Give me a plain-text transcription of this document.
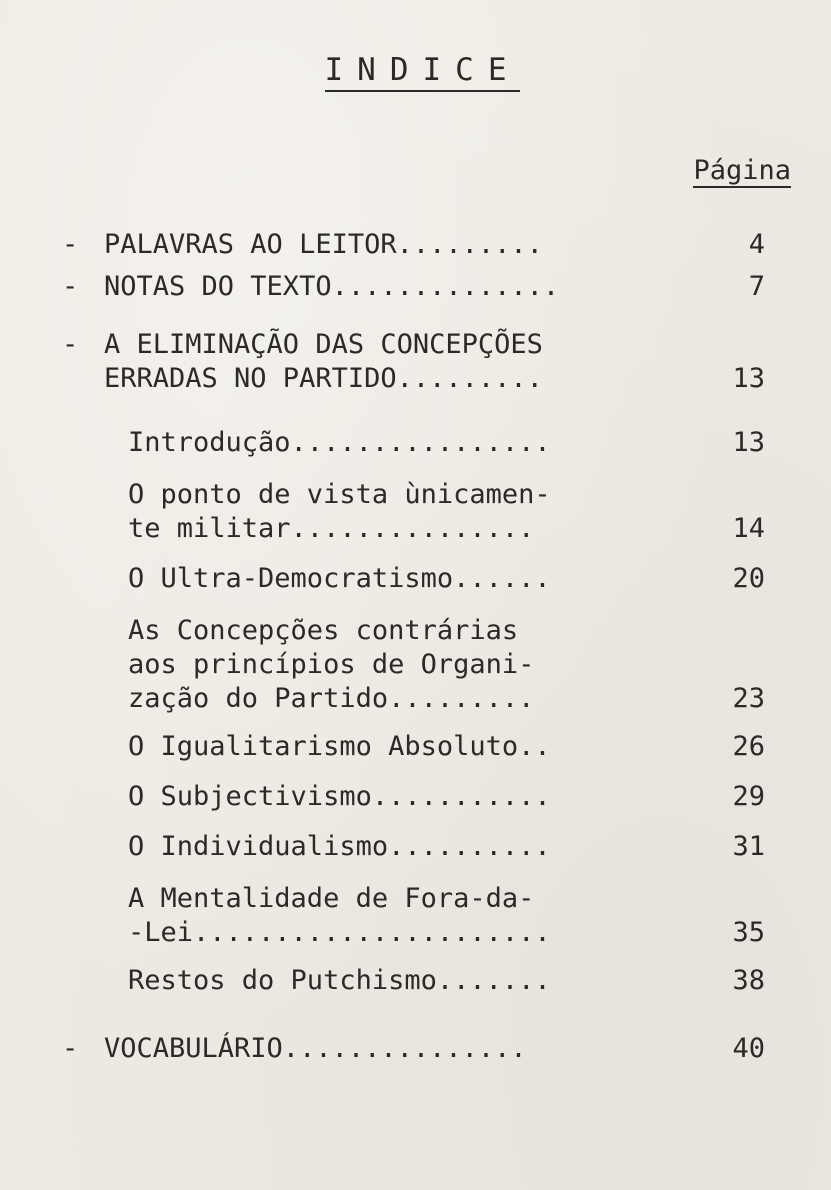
INDICE
Página
- PALAVRAS AO LEITOR.........	4
- NOTAS DO TEXTO..............	7
- A ELIMINAÇÃO DAS CONCEPÇÕES
ERRADAS NO PARTIDO.........	13
Introdução................	13
O ponto de vista ùnicamen-
te militar...............	14
O Ultra-Democratismo......	20
As Concepções contrárias
aos princípios de Organi-
zação do Partido.........	23
O Igualitarismo Absoluto..	26
O Subjectivismo...........	29
O Individualismo..........	31
A Mentalidade de Fora-da-
-Lei......................	35
Restos do Putchismo.......	38
- VOCABULÁRIO...............	40
